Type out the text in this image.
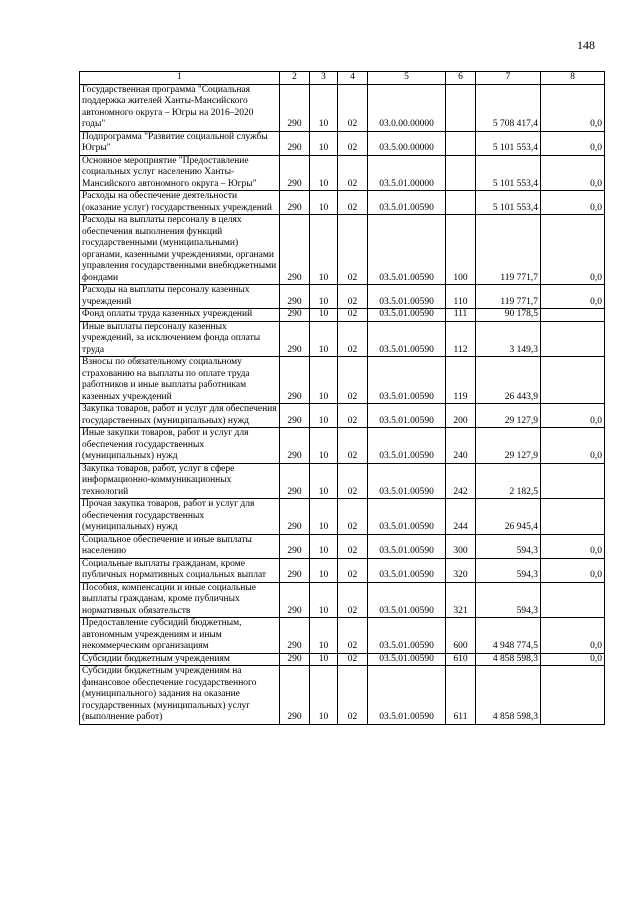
148
1	2	3	4	5	6	7	8
Государственная программа "Социальная поддержка жителей Ханты-Мансийского автономного округа – Югры на 2016–2020 годы"	290	10	02	03.0.00.00000		5 708 417,4	0,0
Подпрограмма "Развитие социальной службы Югры"	290	10	02	03.5.00.00000		5 101 553,4	0,0
Основное мероприятие "Предоставление социальных услуг населению Ханты-Мансийского автономного округа – Югры"	290	10	02	03.5.01.00000		5 101 553,4	0,0
Расходы на обеспечение деятельности (оказание услуг) государственных учреждений	290	10	02	03.5.01.00590		5 101 553,4	0,0
Расходы на выплаты персоналу в целях обеспечения выполнения функций государственными (муниципальными) органами, казенными учреждениями, органами управления государственными внебюджетными фондами	290	10	02	03.5.01.00590	100	119 771,7	0,0
Расходы на выплаты персоналу казенных учреждений	290	10	02	03.5.01.00590	110	119 771,7	0,0
Фонд оплаты труда казенных учреждений	290	10	02	03.5.01.00590	111	90 178,5	
Иные выплаты персоналу казенных учреждений, за исключением фонда оплаты труда	290	10	02	03.5.01.00590	112	3 149,3	
Взносы по обязательному социальному страхованию на выплаты по оплате труда работников и иные выплаты работникам казенных учреждений	290	10	02	03.5.01.00590	119	26 443,9	
Закупка товаров, работ и услуг для обеспечения государственных (муниципальных) нужд	290	10	02	03.5.01.00590	200	29 127,9	0,0
Иные закупки товаров, работ и услуг для обеспечения государственных (муниципальных) нужд	290	10	02	03.5.01.00590	240	29 127,9	0,0
Закупка товаров, работ, услуг в сфере информационно-коммуникационных технологий	290	10	02	03.5.01.00590	242	2 182,5	
Прочая закупка товаров, работ и услуг для обеспечения государственных (муниципальных) нужд	290	10	02	03.5.01.00590	244	26 945,4	
Социальное обеспечение и иные выплаты населению	290	10	02	03.5.01.00590	300	594,3	0,0
Социальные выплаты гражданам, кроме публичных нормативных социальных выплат	290	10	02	03.5.01.00590	320	594,3	0,0
Пособия, компенсации и иные социальные выплаты гражданам, кроме публичных нормативных обязательств	290	10	02	03.5.01.00590	321	594,3	
Предоставление субсидий бюджетным, автономным учреждениям и иным некоммерческим организациям	290	10	02	03.5.01.00590	600	4 948 774,5	0,0
Субсидии бюджетным учреждениям	290	10	02	03.5.01.00590	610	4 858 598,3	0,0
Субсидии бюджетным учреждениям на финансовое обеспечение государственного (муниципального) задания на оказание государственных (муниципальных) услуг (выполнение работ)	290	10	02	03.5.01.00590	611	4 858 598,3	
